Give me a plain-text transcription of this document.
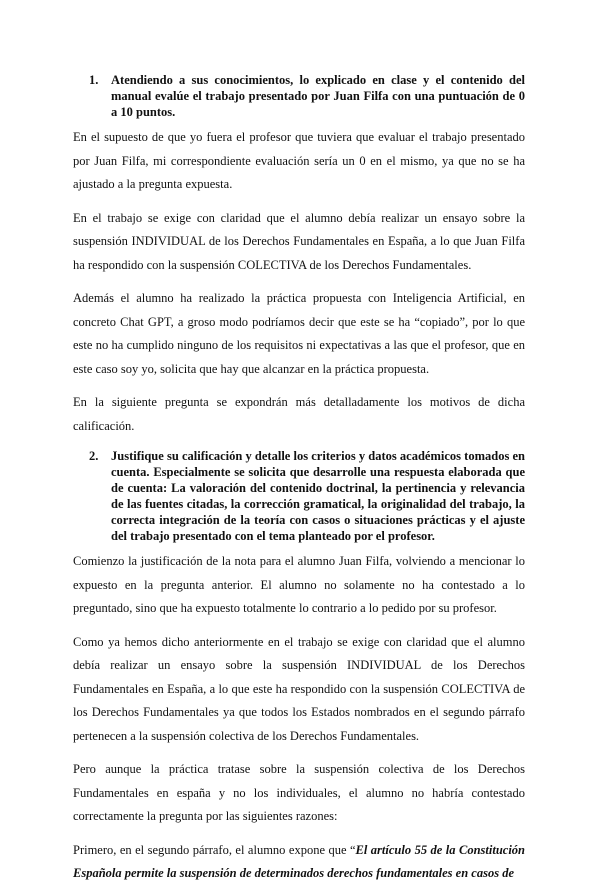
1.	Atendiendo a sus conocimientos, lo explicado en clase y el contenido del manual evalúe el trabajo presentado por Juan Filfa con una puntuación de 0 a 10 puntos.

En el supuesto de que yo fuera el profesor que tuviera que evaluar el trabajo presentado por Juan Filfa, mi correspondiente evaluación sería un 0 en el mismo, ya que no se ha ajustado a la pregunta expuesta.

En el trabajo se exige con claridad que el alumno debía realizar un ensayo sobre la suspensión INDIVIDUAL de los Derechos Fundamentales en España, a lo que Juan Filfa ha respondido con la suspensión COLECTIVA de los Derechos Fundamentales.

Además el alumno ha realizado la práctica propuesta con Inteligencia Artificial, en concreto Chat GPT, a groso modo podríamos decir que este se ha “copiado”, por lo que este no ha cumplido ninguno de los requisitos ni expectativas a las que el profesor, que en este caso soy yo, solicita que hay que alcanzar en la práctica propuesta.

En la siguiente pregunta se expondrán más detalladamente los motivos de dicha calificación.

2.	Justifique su calificación y detalle los criterios y datos académicos tomados en cuenta. Especialmente se solicita que desarrolle una respuesta elaborada que de cuenta: La valoración del contenido doctrinal, la pertinencia y relevancia de las fuentes citadas, la corrección gramatical, la originalidad del trabajo, la correcta integración de la teoría con casos o situaciones prácticas y el ajuste del trabajo presentado con el tema planteado por el profesor.

Comienzo la justificación de la nota para el alumno Juan Filfa, volviendo a mencionar lo expuesto en la pregunta anterior. El alumno no solamente no ha contestado a lo preguntado, sino que ha expuesto totalmente lo contrario a lo pedido por su profesor.

Como ya hemos dicho anteriormente en el trabajo se exige con claridad que el alumno debía realizar un ensayo sobre la suspensión INDIVIDUAL de los Derechos Fundamentales en España, a lo que este ha respondido con la suspensión COLECTIVA de los Derechos Fundamentales ya que todos los Estados nombrados en el segundo párrafo pertenecen a la suspensión colectiva de los Derechos Fundamentales.

Pero aunque la práctica tratase sobre la suspensión colectiva de los Derechos Fundamentales en españa y no los individuales, el alumno no habría contestado correctamente la pregunta por las siguientes razones:

Primero, en el segundo párrafo, el alumno expone que “El artículo 55 de la Constitución Española permite la suspensión de determinados derechos fundamentales en casos de
